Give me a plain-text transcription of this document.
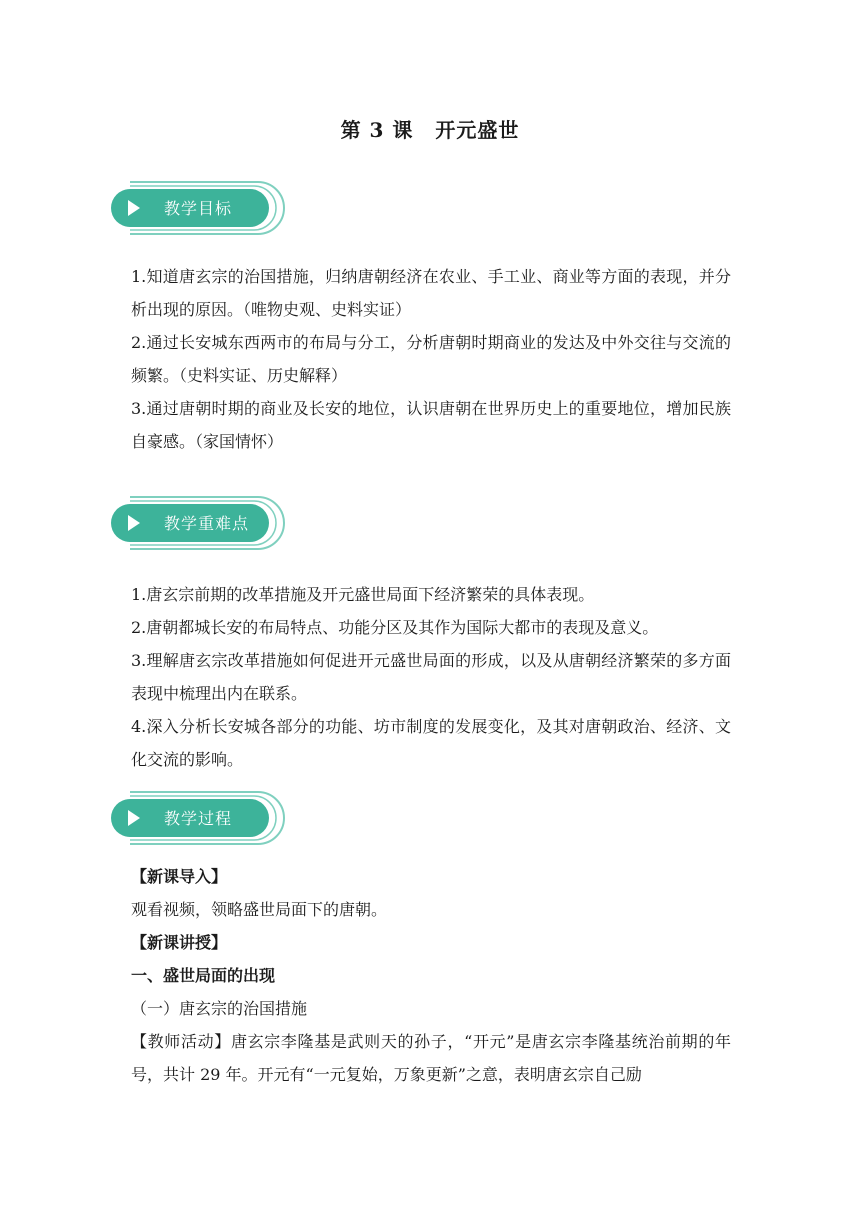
第 3 课 开元盛世
教学目标

1.知道唐玄宗的治国措施，归纳唐朝经济在农业、手工业、商业等方面的表现，并分析出现的原因。（唯物史观、史料实证）

2.通过长安城东西两市的布局与分工，分析唐朝时期商业的发达及中外交往与交流的频繁。（史料实证、历史解释）

3.通过唐朝时期的商业及长安的地位，认识唐朝在世界历史上的重要地位，增加民族自豪感。（家国情怀）

教学重难点

1.唐玄宗前期的改革措施及开元盛世局面下经济繁荣的具体表现。

2.唐朝都城长安的布局特点、功能分区及其作为国际大都市的表现及意义。

3.理解唐玄宗改革措施如何促进开元盛世局面的形成，以及从唐朝经济繁荣的多方面表现中梳理出内在联系。

4.深入分析长安城各部分的功能、坊市制度的发展变化，及其对唐朝政治、经济、文化交流的影响。

教学过程

【新课导入】

观看视频，领略盛世局面下的唐朝。

【新课讲授】

一、盛世局面的出现

（一）唐玄宗的治国措施

【教师活动】唐玄宗李隆基是武则天的孙子，“开元”是唐玄宗李隆基统治前期的年号，共计 29 年。开元有“一元复始，万象更新”之意，表明唐玄宗自己励
